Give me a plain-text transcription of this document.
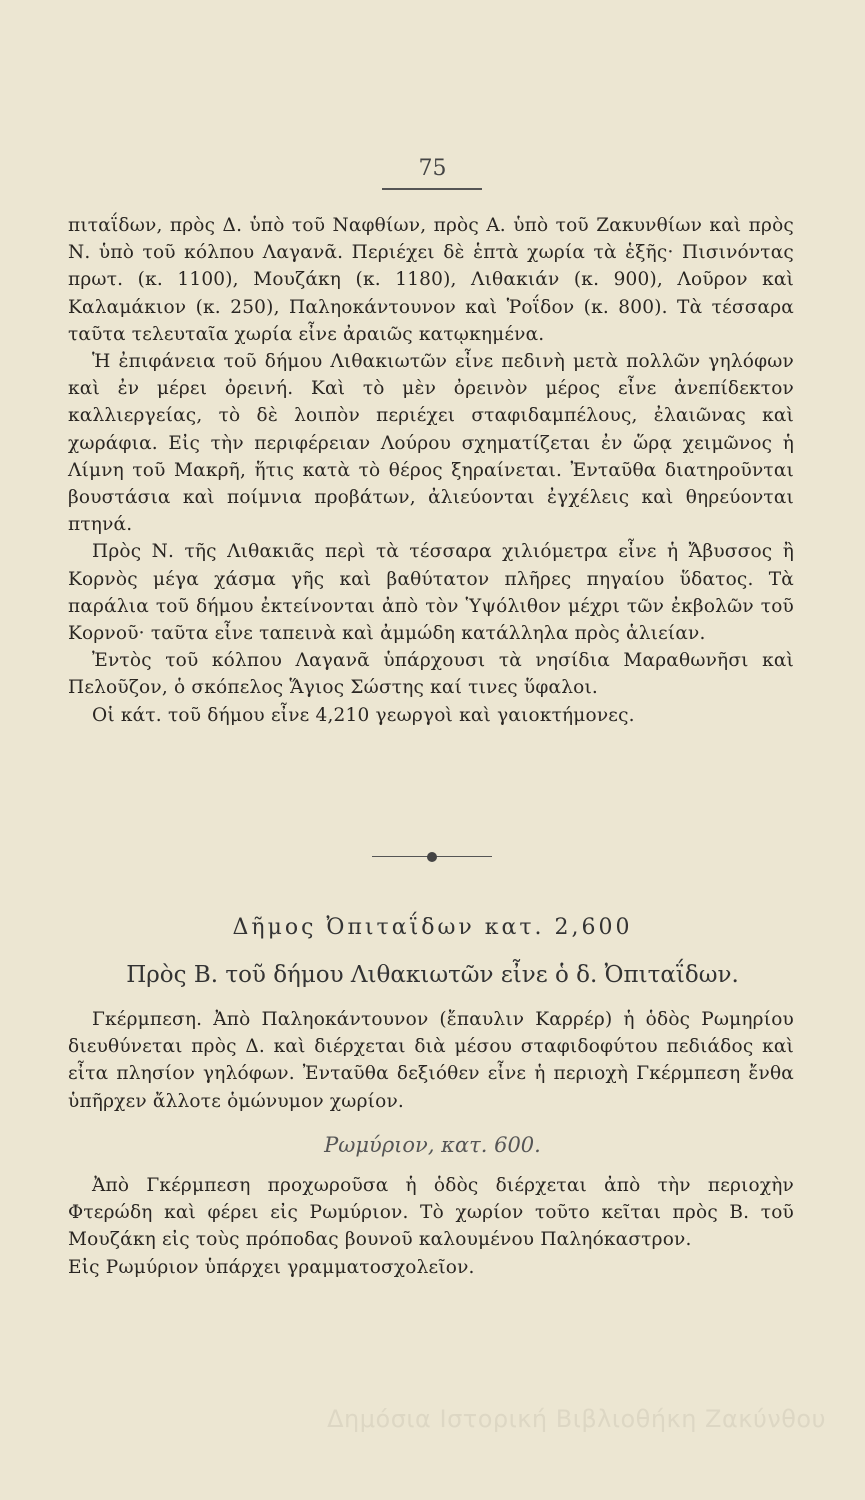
75

πιταΐδων, πρὸς Δ. ὑπὸ τοῦ Ναφθίων, πρὸς Α. ὑπὸ τοῦ Ζακυνθίων καὶ πρὸς Ν. ὑπὸ τοῦ κόλπου Λαγανᾶ. Περιέχει δὲ ἑπτὰ χωρία τὰ ἑξῆς· Πισινόντας πρωτ. (κ. 1100), Μουζάκη (κ. 1180), Λιθακιάν (κ. 900), Λοῦρον καὶ Καλαμάκιον (κ. 250), Παληοκάντουνον καὶ Ῥοΐδον (κ. 800). Τὰ τέσσαρα ταῦτα τελευταῖα χωρία εἶνε ἀραιῶς κατῳκημένα.

Ἡ ἐπιφάνεια τοῦ δήμου Λιθακιωτῶν εἶνε πεδινὴ μετὰ πολλῶν γηλόφων καὶ ἐν μέρει ὀρεινή. Καὶ τὸ μὲν ὀρεινὸν μέρος εἶνε ἀνεπίδεκτον καλλιεργείας, τὸ δὲ λοιπὸν περιέχει σταφιδαμπέλους, ἐλαιῶνας καὶ χωράφια. Εἰς τὴν περιφέρειαν Λούρου σχηματίζεται ἐν ὥρᾳ χειμῶνος ἡ Λίμνη τοῦ Μακρῆ, ἥτις κατὰ τὸ θέρος ξηραίνεται. Ἐνταῦθα διατηροῦνται βουστάσια καὶ ποίμνια προβάτων, ἀλιεύονται ἐγχέλεις καὶ θηρεύονται πτηνά.

Πρὸς Ν. τῆς Λιθακιᾶς περὶ τὰ τέσσαρα χιλιόμετρα εἶνε ἡ Ἄβυσσος ἢ Κορνὸς μέγα χάσμα γῆς καὶ βαθύτατον πλῆρες πηγαίου ὕδατος. Τὰ παράλια τοῦ δήμου ἐκτείνονται ἀπὸ τὸν Ὑψόλιθον μέχρι τῶν ἐκβολῶν τοῦ Κορνοῦ· ταῦτα εἶνε ταπεινὰ καὶ ἀμμώδη κατάλληλα πρὸς ἁλιείαν.

Ἐντὸς τοῦ κόλπου Λαγανᾶ ὑπάρχουσι τὰ νησίδια Μαραθωνῆσι καὶ Πελοῦζον, ὁ σκόπελος Ἅγιος Σώστης καί τινες ὕφαλοι.

Οἱ κάτ. τοῦ δήμου εἶνε 4,210 γεωργοὶ καὶ γαιοκτήμονες.

Δῆμος Ὀπιταΐδων κατ. 2,600
Πρὸς Β. τοῦ δήμου Λιθακιωτῶν εἶνε ὁ δ. Ὀπιταΐδων.

Γκέρμπεση. Ἀπὸ Παληοκάντουνον (ἔπαυλιν Καρρέρ) ἡ ὁδὸς Ρωμηρίου διευθύνεται πρὸς Δ. καὶ διέρχεται διὰ μέσου σταφιδοφύτου πεδιάδος καὶ εἶτα πλησίον γηλόφων. Ἐνταῦθα δεξιόθεν εἶνε ἡ περιοχὴ Γκέρμπεση ἔνθα ὑπῆρχεν ἄλλοτε ὁμώνυμον χωρίον.

Ρωμύριον, κατ. 600.

Ἀπὸ Γκέρμπεση προχωροῦσα ἡ ὁδὸς διέρχεται ἀπὸ τὴν περιοχὴν Φτερώδη καὶ φέρει εἰς Ρωμύριον. Τὸ χωρίον τοῦτο κεῖται πρὸς Β. τοῦ Μουζάκη εἰς τοὺς πρόποδας βουνοῦ καλουμένου Παληόκαστρον.

Εἰς Ρωμύριον ὑπάρχει γραμματοσχολεῖον.

Δημόσια Ιστορική Βιβλιοθήκη Ζακύνθου
